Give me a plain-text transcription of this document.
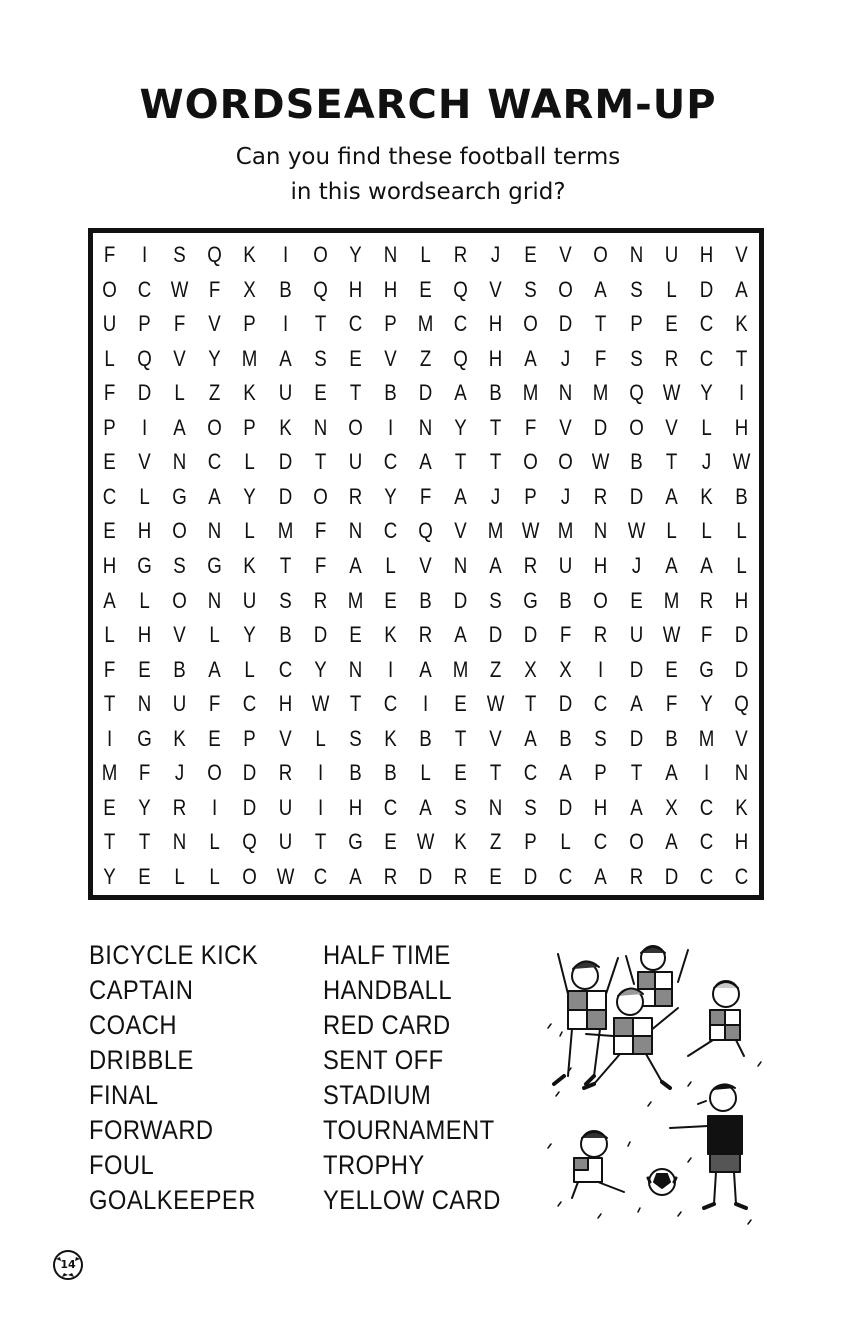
WORDSEARCH WARM-UP
Can you find these football terms
in this wordsearch grid?
F	I	S Q K	I	O Y	N	L	R	J	E	V O N U H	V
O C W F	X	B Q H H	E Q V	S O A	S	L	D	A
U	P	F	V	P	I	T	C	P M C H O D	T	P	E	C	K
L	Q V	Y M A	S	E	V	Z	Q H	A	J	F	S	R C	T
F	D	L	Z	K	U	E	T	B	D	A	B M N M Q W Y	I
P	I	A O P	K	N O	I	N	Y	T	F	V	D O V	L	H
E	V	N C	L	D	T	U C	A	T	T	O O W B	T	J W
C	L	G A	Y	D O R	Y	F	A	J	P	J	R D	A	K	B
E	H O N	L	M F	N C Q V M W M N W L	L	L
H G S G K	T	F	A	L	V	N	A	R U H	J	A	A	L
A	L	O N U	S	R M E	B	D	S G B O E M R H
L	H	V	L	Y	B	D	E	K	R	A	D D	F	R U W F	D
F	E	B	A	L	C	Y	N	I	A M Z	X	X	I	D	E G D
T	N U	F	C H W T	C	I	E W T	D C	A	F	Y Q
I	G K	E	P	V	L	S	K	B	T	V	A	B	S	D	B M V
M F	J	O D R	I	B	B	L	E	T	C	A	P	T	A	I	N
E	Y	R	I	D U	I	H C	A	S	N	S	D H	A	X	C	K
T	T	N	L	Q U	T	G E W K	Z	P	L	C O A	C H
Y	E	L	L	O W C	A	R D R	E	D C	A	R D C C
BICYCLE KICK
CAPTAIN
COACH
DRIBBLE
FINAL
FORWARD
FOUL
GOALKEEPER
HALF TIME
HANDBALL
RED CARD
SENT OFF
STADIUM
TOURNAMENT
TROPHY
YELLOW CARD
14
